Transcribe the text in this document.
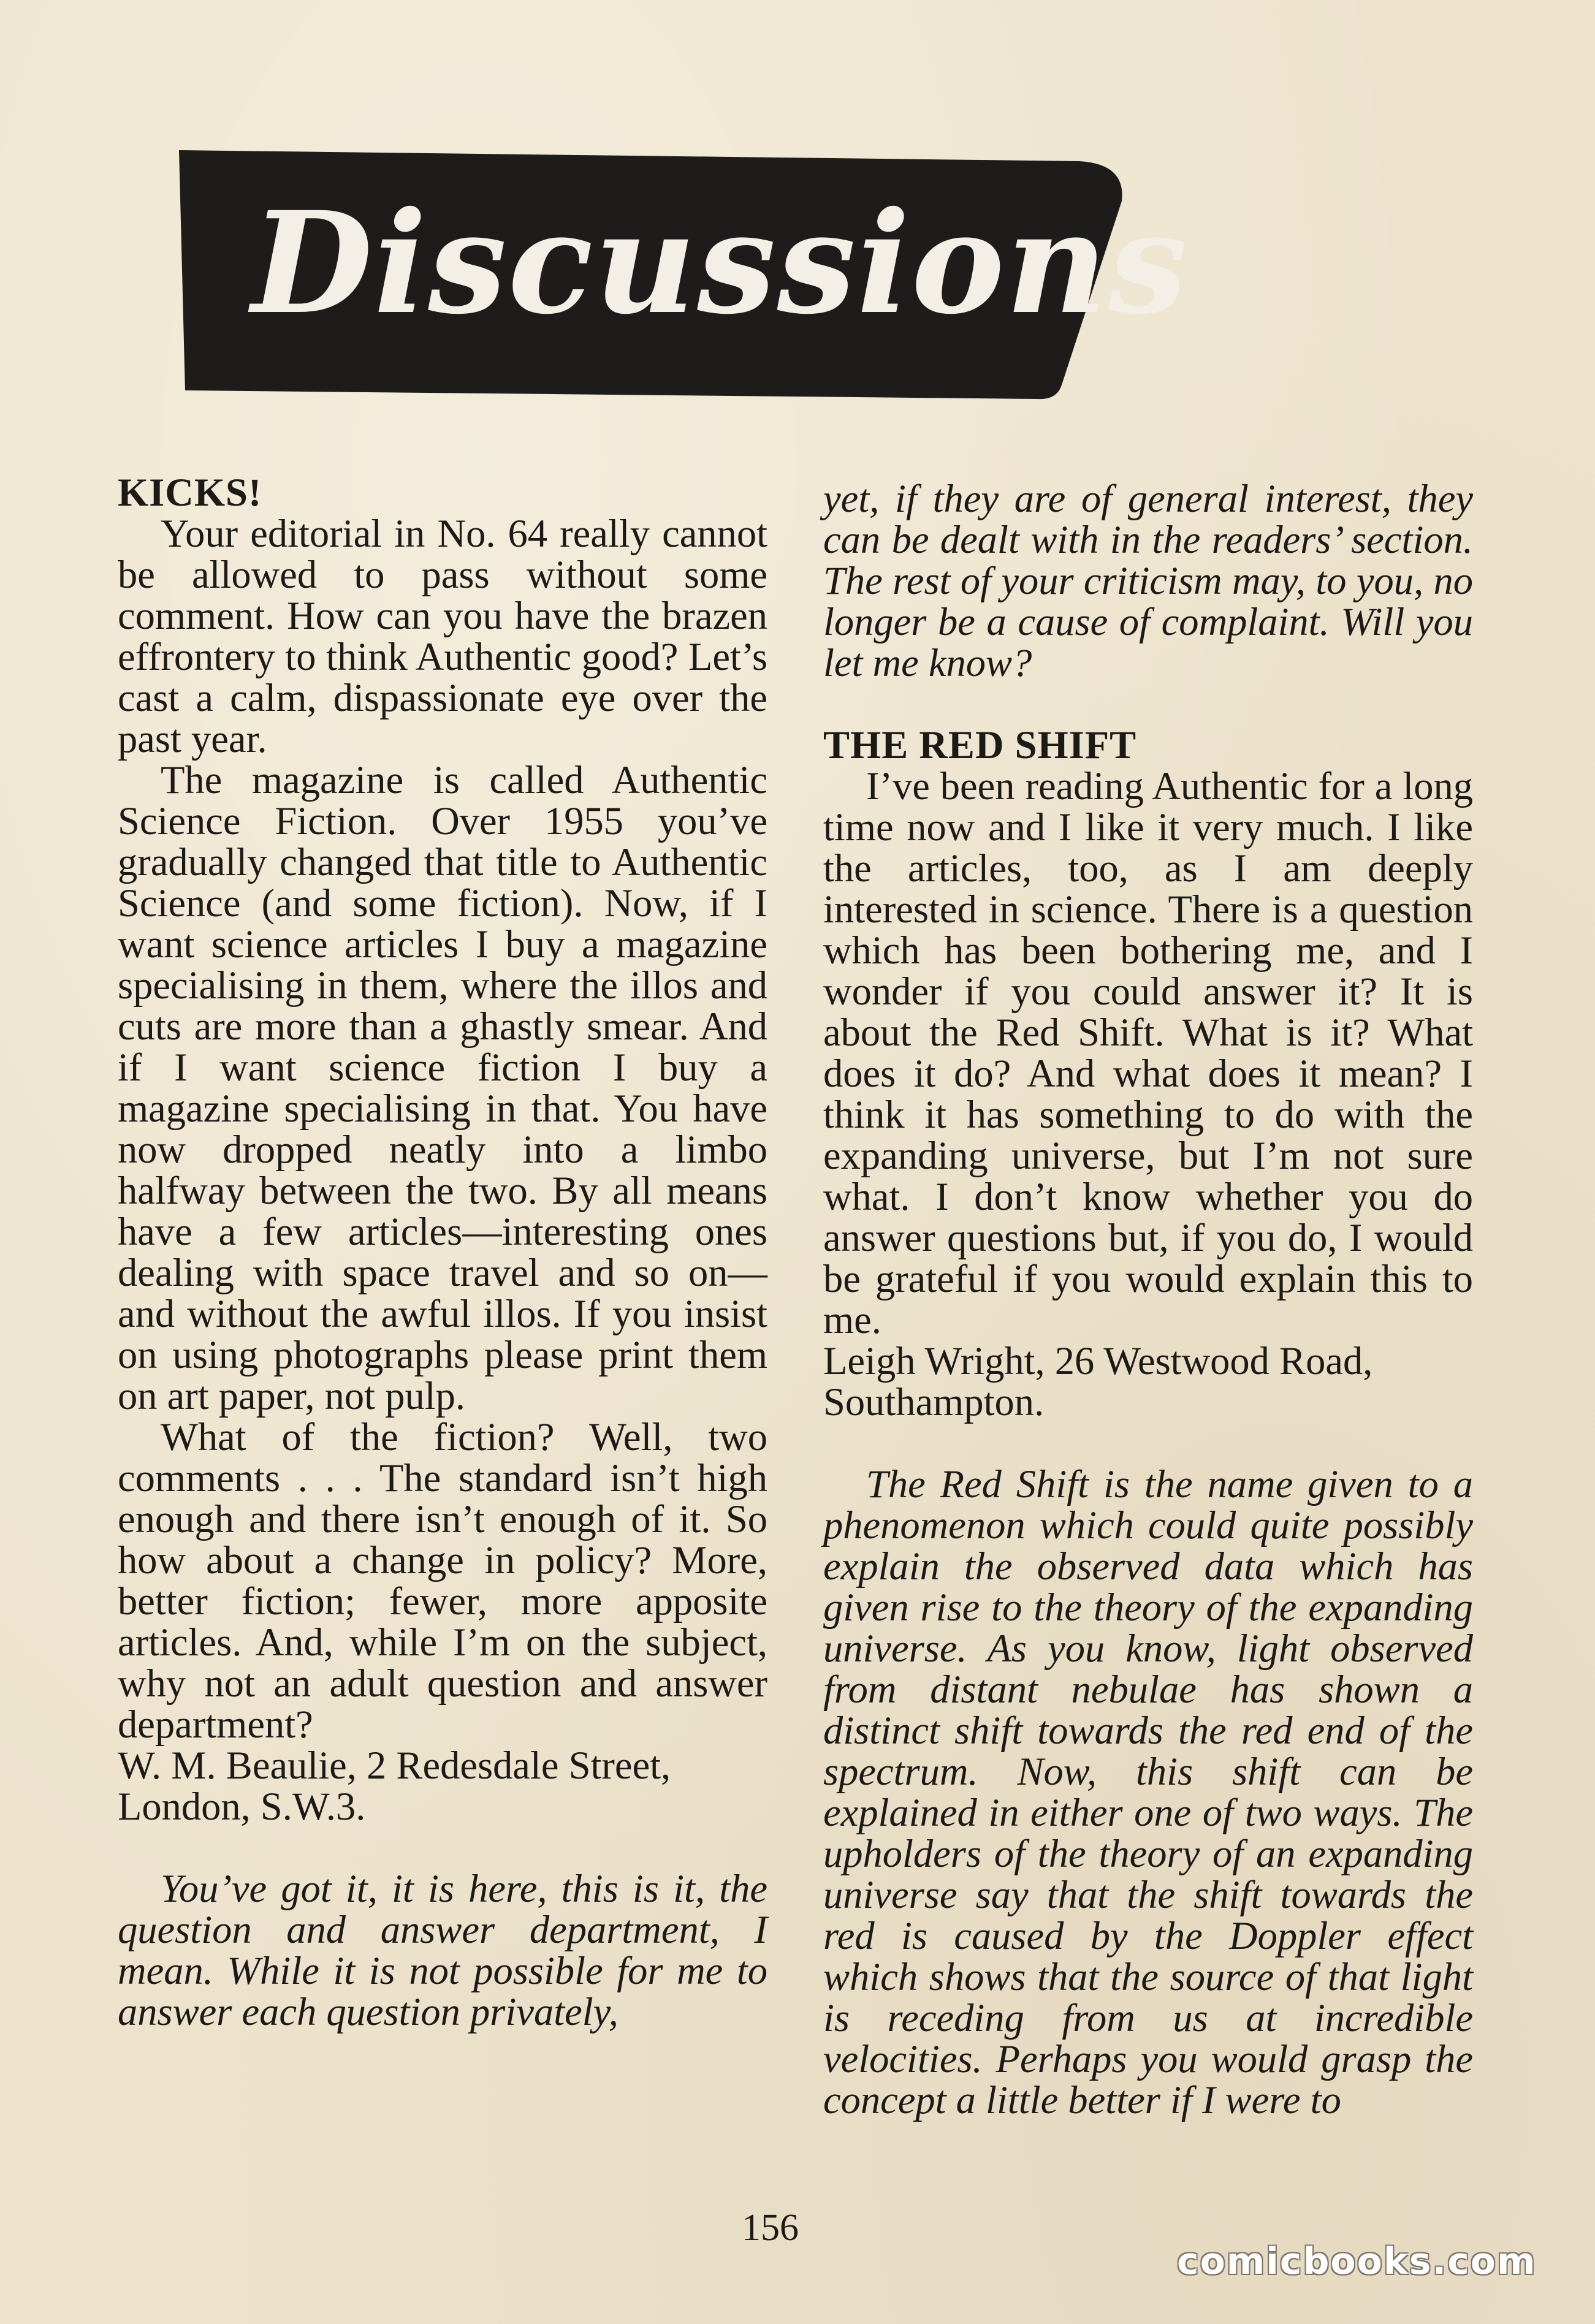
Discussions

KICKS!

Your editorial in No. 64 really cannot be allowed to pass without some comment. How can you have the brazen effrontery to think Authentic good? Let’s cast a calm, dispassionate eye over the past year.

The magazine is called Authentic Science Fiction. Over 1955 you’ve gradually changed that title to Authentic Science (and some fiction). Now, if I want science articles I buy a magazine specialising in them, where the illos and cuts are more than a ghastly smear. And if I want science fiction I buy a magazine specialising in that. You have now dropped neatly into a limbo halfway between the two. By all means have a few articles—interesting ones dealing with space travel and so on—and without the awful illos. If you insist on using photographs please print them on art paper, not pulp.

What of the fiction? Well, two comments . . . The standard isn’t high enough and there isn’t enough of it. So how about a change in policy? More, better fiction; fewer, more apposite articles. And, while I’m on the subject, why not an adult question and answer department?

W. M. Beaulie, 2 Redesdale Street,

London, S.W.3.

You’ve got it, it is here, this is it, the question and answer department, I mean. While it is not possible for me to answer each question privately,

yet, if they are of general interest, they can be dealt with in the readers’ section. The rest of your criticism may, to you, no longer be a cause of complaint. Will you let me know?

THE RED SHIFT

I’ve been reading Authentic for a long time now and I like it very much. I like the articles, too, as I am deeply interested in science. There is a question which has been bothering me, and I wonder if you could answer it? It is about the Red Shift. What is it? What does it do? And what does it mean? I think it has something to do with the expanding universe, but I’m not sure what. I don’t know whether you do answer questions but, if you do, I would be grateful if you would explain this to me.

Leigh Wright, 26 Westwood Road,

Southampton.

The Red Shift is the name given to a phenomenon which could quite possibly explain the observed data which has given rise to the theory of the expanding universe. As you know, light observed from distant nebulae has shown a distinct shift towards the red end of the spectrum. Now, this shift can be explained in either one of two ways. The upholders of the theory of an expanding universe say that the shift towards the red is caused by the Doppler effect which shows that the source of that light is receding from us at incredible velocities. Perhaps you would grasp the concept a little better if I were to

156
comicbooks.com
